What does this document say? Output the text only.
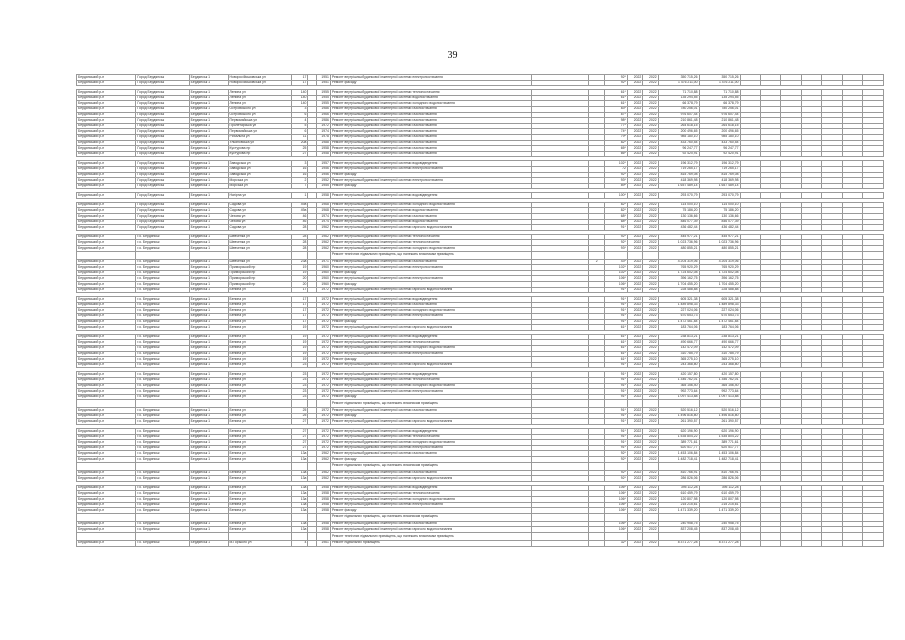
39
Бердянський р-н	Город Бердянськ	Бердянськ 1	Новоросійськовська ул	17		1951	Ремонт внутрішньобудинкової інженерної системи електропостачання			92*	2022	2022	350 715,26	350 715,26							
Бердянський р-н	Город Бердянськ	Бердянськ 1	Новоросійськовська ул	17		1951	Ремонт фасаду			92*	2022	2022	1 476 211,00	1 476 211,00							

Бердянський р-н	Город Бердянськ	Бердянськ 1	Ленина ул	140		1955	Ремонт внутрішньобудинкової інженерної системи теплопостачання			61*	2022	2022	71 710,88	71 710,88							
Бердянський р-н	Город Бердянськ	Бердянськ 1	Ленина ул	140		1955	Ремонт внутрішньобудинкової інженерної системи водопостачання			61*	2022	2022	135 294,55	135 294,55							
Бердянський р-н	Город Бердянськ	Бердянськ 1	Ленина ул	140		1955	Ремонт внутрішньобудинкової інженерної системи холодного водопостачання			61*	2022	2022	66 378,79	66 378,79							
Бердянський р-н	Город Бердянськ	Бердянськ 1	Островського ул	3		1986	Ремонт внутрішньобудинкової інженерної системи газопостачання			83*	2022	2022	780 256,01	780 256,01							
Бердянський р-н	Город Бердянськ	Бердянськ 1	Островського ул	6		1966	Ремонт внутрішньобудинкової інженерної системи газопостачання			87*	2022	2022	976 607,44	976 607,44							
Бердянський р-н	Город Бердянськ	Бердянськ 1	Первомайська ул	4		1986	Ремонт внутрішньобудинкової інженерної системи газопостачання			98*	2022	2022	210 861,48	210 861,48							
Бердянський р-н	Город Бердянськ	Бердянськ 1	Пролетарська ул	5		1972	Ремонт внутрішньобудинкової інженерної системи газопостачання			77*	2022	2022	264 618,15	264 618,15							
Бердянський р-н	Город Бердянськ	Бердянськ 1	Первомайська ул	6		1974	Ремонт внутрішньобудинкової інженерної системи газопостачання			74*	2022	2022	200 496,65	200 496,65							
Бердянський р-н	Город Бердянськ	Бердянськ 1	Рибальна ул	11		1978	Ремонт внутрішньобудинкової інженерної системи газопостачання			79*	2022	2022	985 180,10	985 180,10							
Бердянський р-н	Город Бердянськ	Бердянськ 1	Ульяновська ул	20а		1988	Ремонт внутрішньобудинкової інженерної системи газопостачання			82*	2022	2022	433 760,54	433 760,54							
Бердянський р-н	Город Бердянськ	Бердянськ 1	Кустурова пр	25		1958	Ремонт внутрішньобудинкової інженерної системи газопостачання			65*	2022	2022	96 247,77	96 247,77							
Бердянський р-н	Город Бердянськ	Бердянськ 1	Кустурова пр	27		1958	Ремонт внутрішньобудинкової інженерної системи газопостачання			66*	2022	2022	92 420,91	92 420,91							

Бердянський р-н	Город Бердянськ	Бердянськ 1	Заводська ул	3		1957	Ремонт внутрішньобудинкової інженерної системи водовідведення			102*	2022	2022	196 312,79	196 312,79							
Бердянський р-н	Город Бердянськ	Бердянськ 1	Заводська ул	16		1956	Ремонт внутрішньобудинкової інженерної системи електропостачання			72	2022	2022	719 265,17	719 265,17							
Бердянський р-н	Город Бердянськ	Бердянськ 1	Заводська ул	16		1956	Ремонт фасаду			92*	2022	2022	815 769,08	815 769,08							
Бердянський р-н	Город Бердянськ	Бердянськ 1	Морська ул	2		1952	Ремонт внутрішньобудинкової інженерної системи електропостачання			93*	2022	2022	418 369,98	418 369,98							
Бердянський р-н	Город Бердянськ	Бердянськ 1	Морська ул	7		1955	Ремонт фасаду			89*	2022	2022	1 657 489,14	1 657 489,14							

Бердянський р-н	Город Бердянськ	Бердянськ 1	Нагірна ул	1		1958	Ремонт внутрішньобудинкової інженерної системи водовідведення			100*	2022	2022	293 070,79	293 070,79							

Бердянський р-н	Город Бердянськ	Бердянськ 1	Садова ул	49а		1968	Ремонт внутрішньобудинкової інженерної системи холодного водопостачання			82*	2022	2022	114 000,10	114 000,10							
Бердянський р-н	Город Бердянськ	Бердянськ 1	Садова ул	49а		1968	Ремонт внутрішньобудинкової інженерної системи водопостачання			82*	2022	2022	75 186,20	75 186,20							
Бердянський р-н	Город Бердянськ	Бердянськ 1	Чехова ул	46		1974	Ремонт внутрішньобудинкової інженерної системи газопостачання			68*	2022	2022	130 136,66	130 136,66							
Бердянський р-н	Город Бердянськ	Бердянськ 1	Чехова ул	46		1974	Ремонт внутрішньобудинкової інженерної системи водопостачання			68*	2022	2022	846 077,39	846 077,39							
Бердянський р-н	Город Бердянськ	Бердянськ 1	Садова ул	28		1962	Ремонт внутрішньобудинкової інженерної системи гарячого водопостачання			91*	2022	2022	436 482,44	436 482,44							

Бердянський р-н	г.о. Бердянськ	Бердянськ 1	Шевченка ул	28		1962	Ремонт внутрішньобудинкової інженерної системи теплопостачання			92*	2022	2022	445 977,21	445 977,21							
Бердянський р-н	г.о. Бердянськ	Бердянськ 1	Шевченка ул	28		1962	Ремонт внутрішньобудинкової інженерної системи теплопостачання			92*	2022	2022	1 023 736,96	1 023 736,96							
Бердянський р-н	г.о. Бердянськ	Бердянськ 1	Шевченка ул	28		1962	Ремонт внутрішньобудинкової інженерної системи холодного водопостачання			93*	2022	2022	480 855,21	480 855,21							
							Ремонт технічних підвальних приміщень, що належать власникам приміщень														
Бердянський р-н	г.о. Бердянськ	Бердянськ 1	Шевченка ул	23а		1971	Ремонт внутрішньобудинкової інженерної системи газопостачання		2	43*	2022	2022	4 204 319,06	4 204 319,06							
Бердянський р-н	г.о. Бердянськ	Бердянськ 1	Приморський пр	19		1960	Ремонт внутрішньобудинкової інженерної системи електропостачання			102*	2022	2022	765 920,29	765 920,29							
Бердянський р-н	г.о. Бердянськ	Бердянськ 1	Приморський пр	19		1960	Ремонт фасаду			102*	2022	2022	1 724 602,08	1 724 602,08							
Бердянський р-н	г.о. Бердянськ	Бердянськ 1	Приморський пр	20		1960	Ремонт внутрішньобудинкової інженерної системи електропостачання			106*	2022	2022	396 162,75	396 162,75							
Бердянський р-н	г.о. Бердянськ	Бердянськ 1	Приморський пр	20		1960	Ремонт фасаду			106*	2022	2022	1 704 455,20	1 704 455,20							
Бердянський р-н	г.о. Бердянськ	Бердянськ 1	Бенина ул	17		1972	Ремонт внутрішньобудинкової інженерної системи гарячого водопостачання			91*	2022	2022	228 488,88	228 488,88							

Бердянський р-н	г.о. Бердянськ	Бердянськ 1	Бенина ул	17		1972	Ремонт внутрішньобудинкової інженерної системи водовідведення			91*	2022	2022	605 321,38	605 321,38							
Бердянський р-н	г.о. Бердянськ	Бердянськ 1	Бенина ул	17		1972	Ремонт внутрішньобудинкової інженерної системи газопостачання			91*	2022	2022	1 489 898,33	1 489 898,33							
Бердянський р-н	г.о. Бердянськ	Бердянськ 1	Бенина ул	17		1972	Ремонт внутрішньобудинкової інженерної системи холодного водопостачання			91*	2022	2022	227 024,06	227 024,06							
Бердянський р-н	г.о. Бердянськ	Бердянськ 1	Бенина ул	17		1972	Ремонт внутрішньобудинкової інженерної системи електропостачання			91*	2022	2022	670 653,73	670 653,73							
Бердянський р-н	г.о. Бердянськ	Бердянськ 1	Бенина ул	17		1972	Ремонт фасаду			91*	2022	2022	1 472 461,84	1 472 461,84							
Бердянський р-н	г.о. Бердянськ	Бердянськ 1	Бенина ул	19		1972	Ремонт внутрішньобудинкової інженерної системи гарячого водопостачання			61*	2022	2022	183 764,06	183 764,06							

Бердянський р-н	г.о. Бердянськ	Бердянськ 1	Бенина ул	19		1972	Ремонт внутрішньобудинкової інженерної системи водовідведення			61*	2022	2022	238 813,21	238 813,21							
Бердянський р-н	г.о. Бердянськ	Бердянськ 1	Бенина ул	19		1972	Ремонт внутрішньобудинкової інженерної системи теплопостачання			61*	2022	2022	490 666,77	490 666,77							
Бердянський р-н	г.о. Бердянськ	Бердянськ 1	Бенина ул	19		1972	Ремонт внутрішньобудинкової інженерної системи холодного водопостачання			61*	2022	2022	142 472,09	142 472,09							
Бердянський р-н	г.о. Бердянськ	Бердянськ 1	Бенина ул	19		1972	Ремонт внутрішньобудинкової інженерної системи електропостачання			61*	2022	2022	310 785,79	310 785,79							
Бердянський р-н	г.о. Бердянськ	Бердянськ 1	Бенина ул	19		1972	Ремонт фасаду			61*	2022	2022	365 275,10	365 275,10							
Бердянський р-н	г.о. Бердянськ	Бердянськ 1	Бенина ул	23		1972	Ремонт внутрішньобудинкової інженерної системи гарячого водопостачання			91*	2022	2022	243 368,80	243 368,80							

Бердянський р-н	г.о. Бердянськ	Бердянськ 1	Бенина ул	23		1972	Ремонт внутрішньобудинкової інженерної системи водовідведення			91*	2022	2022	420 157,80	420 157,80							
Бердянський р-н	г.о. Бердянськ	Бердянськ 1	Бенина ул	23		1972	Ремонт внутрішньобудинкової інженерної системи теплопостачання			91*	2022	2022	1 346 762,01	1 346 762,01							
Бердянський р-н	г.о. Бердянськ	Бердянськ 1	Бенина ул	23		1972	Ремонт внутрішньобудинкової інженерної системи холодного водопостачання			91*	2022	2022	365 156,40	365 156,40							
Бердянський р-н	г.о. Бердянськ	Бердянськ 1	Бенина ул	23		1972	Ремонт внутрішньобудинкової інженерної системи електропостачання			91*	2022	2022	992 773,64	992 773,64							
Бердянський р-н	г.о. Бердянськ	Бердянськ 1	Бенина ул	23		1972	Ремонт фасаду			91*	2022	2022	1 097 413,88	1 097 413,88							
							Ремонт підвальних приміщень, що належать власникам приміщень														
Бердянський р-н	г.о. Бердянськ	Бердянськ 1	Бенина ул	25		1972	Ремонт внутрішньобудинкової інженерної системи газопостачання			91*	2022	2022	520 516,12	520 516,12							
Бердянський р-н	г.о. Бердянськ	Бердянськ 1	Бенина ул	25		1972	Ремонт фасаду			91*	2022	2022	1 496 816,80	1 496 816,80							
Бердянський р-н	г.о. Бердянськ	Бердянськ 1	Бенина ул	27		1972	Ремонт внутрішньобудинкової інженерної системи гарячого водопостачання			91*	2022	2022	261 390,57	261 390,57							

Бердянський р-н	г.о. Бердянськ	Бердянськ 1	Бенина ул	27		1972	Ремонт внутрішньобудинкової інженерної системи водовідведення			91*	2022	2022	620 196,90	620 196,90							
Бердянський р-н	г.о. Бердянськ	Бердянськ 1	Бенина ул	27		1972	Ремонт внутрішньобудинкової інженерної системи теплопостачання			91*	2022	2022	1 535 804,22	1 535 804,22							
Бердянський р-н	г.о. Бердянськ	Бердянськ 1	Бенина ул	27		1972	Ремонт внутрішньобудинкової інженерної системи холодного водопостачання			91*	2022	2022	389 771,61	389 771,61							
Бердянський р-н	г.о. Бердянськ	Бердянськ 1	Бенина ул	27		1972	Ремонт внутрішньобудинкової інженерної системи електропостачання			91*	2022	2022	620 517,77	620 517,77							
Бердянський р-н	г.о. Бердянськ	Бердянськ 1	Бенина ул	13а		1962	Ремонт внутрішньобудинкової інженерної системи газопостачання			92*	2022	2022	1 453 106,84	1 453 106,84							
Бердянський р-н	г.о. Бердянськ	Бердянськ 1	Бенина ул	13а		1962	Ремонт фасаду			92*	2022	2022	1 482 718,41	1 482 718,41							
							Ремонт підвальних приміщень, що належать власникам приміщень														
Бердянський р-н	г.о. Бердянськ	Бердянськ 1	Бенина ул	13а		1962	Ремонт внутрішньобудинкової інженерної системи газопостачання			92*	2022	2022	810 766,91	810 766,91							
Бердянський р-н	г.о. Бердянськ	Бердянськ 1	Бенина ул	13а		1962	Ремонт внутрішньобудинкової інженерної системи гарячого водопостачання			92*	2022	2022	286 826,06	286 826,06							

Бердянський р-н	г.о. Бердянськ	Бердянськ 1	Бенина ул	13а		1958	Ремонт внутрішньобудинкової інженерної системи водовідведення			106*	2022	2022	395 112,28	395 112,28							
Бердянський р-н	г.о. Бердянськ	Бердянськ 1	Бенина ул	13а		1958	Ремонт внутрішньобудинкової інженерної системи теплопостачання			106*	2022	2022	610 459,79	610 459,79							
Бердянський р-н	г.о. Бердянськ	Бердянськ 1	Бенина ул	13а		1958	Ремонт внутрішньобудинкової інженерної системи холодного водопостачання			106*	2022	2022	120 807,98	120 807,98							
Бердянський р-н	г.о. Бердянськ	Бердянськ 1	Бенина ул	13а		1958	Ремонт внутрішньобудинкової інженерної системи електропостачання			106*	2022	2022	215 215,61	215 215,61							
Бердянський р-н	г.о. Бердянськ	Бердянськ 1	Бенина ул	13а		1958	Ремонт фасаду			106*	2022	2022	1 471 339,20	1 471 339,20							
							Ремонт підвальних приміщень, що належать власникам приміщень														
Бердянський р-н	г.о. Бердянськ	Бердянськ 1	Бенина ул	13а		1958	Ремонт внутрішньобудинкової інженерної системи газопостачання			106*	2022	2022	240 958,75	240 958,75							
Бердянський р-н	г.о. Бердянськ	Бердянськ 1	Бенина ул	13а		1958	Ремонт внутрішньобудинкової інженерної системи гарячого водопостачання			106*	2022	2022	837 208,45	837 208,45							
							Ремонт технічних підвальних приміщень, що належать власникам приміщень														
Бердянський р-н	г.о. Бердянськ	Бердянськ 1	М.Горького ул	4		1961	Ремонт підвальних приміщень			32*	2022	2022	8 371 277,28	8 371 277,28							
